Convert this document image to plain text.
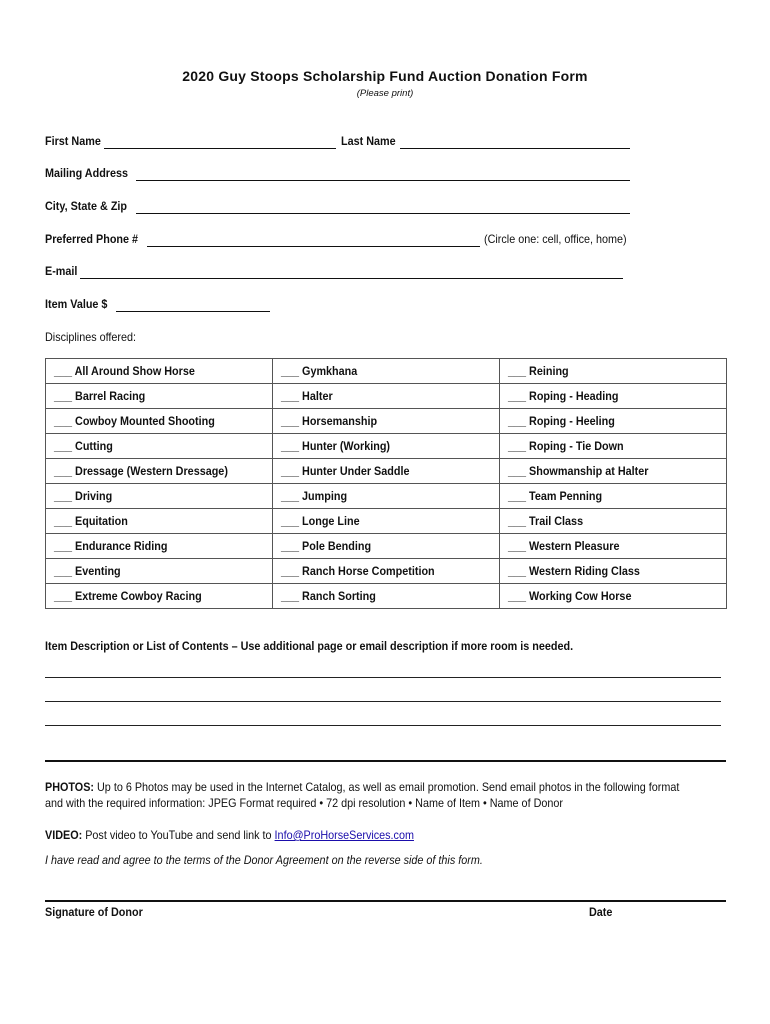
2020 Guy Stoops Scholarship Fund Auction Donation Form
(Please print)
First Name	Last Name
Mailing Address
City, State & Zip
Preferred Phone #	(Circle one: cell, office, home)
E-mail
Item Value $
Disciplines offered:
___ All Around Show Horse	___ Gymkhana	___ Reining
___ Barrel Racing	___ Halter	___ Roping - Heading
___ Cowboy Mounted Shooting	___ Horsemanship	___ Roping - Heeling
___ Cutting	___ Hunter (Working)	___ Roping - Tie Down
___ Dressage (Western Dressage)	___ Hunter Under Saddle	___ Showmanship at Halter
___ Driving	___ Jumping	___ Team Penning
___ Equitation	___ Longe Line	___ Trail Class
___ Endurance Riding	___ Pole Bending	___ Western Pleasure
___ Eventing	___ Ranch Horse Competition	___ Western Riding Class
___ Extreme Cowboy Racing	___ Ranch Sorting	___ Working Cow Horse
Item Description or List of Contents – Use additional page or email description if more room is needed.
PHOTOS: Up to 6 Photos may be used in the Internet Catalog, as well as email promotion. Send email photos in the following format
and with the required information: JPEG Format required • 72 dpi resolution • Name of Item • Name of Donor
VIDEO: Post video to YouTube and send link to Info@ProHorseServices.com
I have read and agree to the terms of the Donor Agreement on the reverse side of this form.
Signature of Donor	Date
